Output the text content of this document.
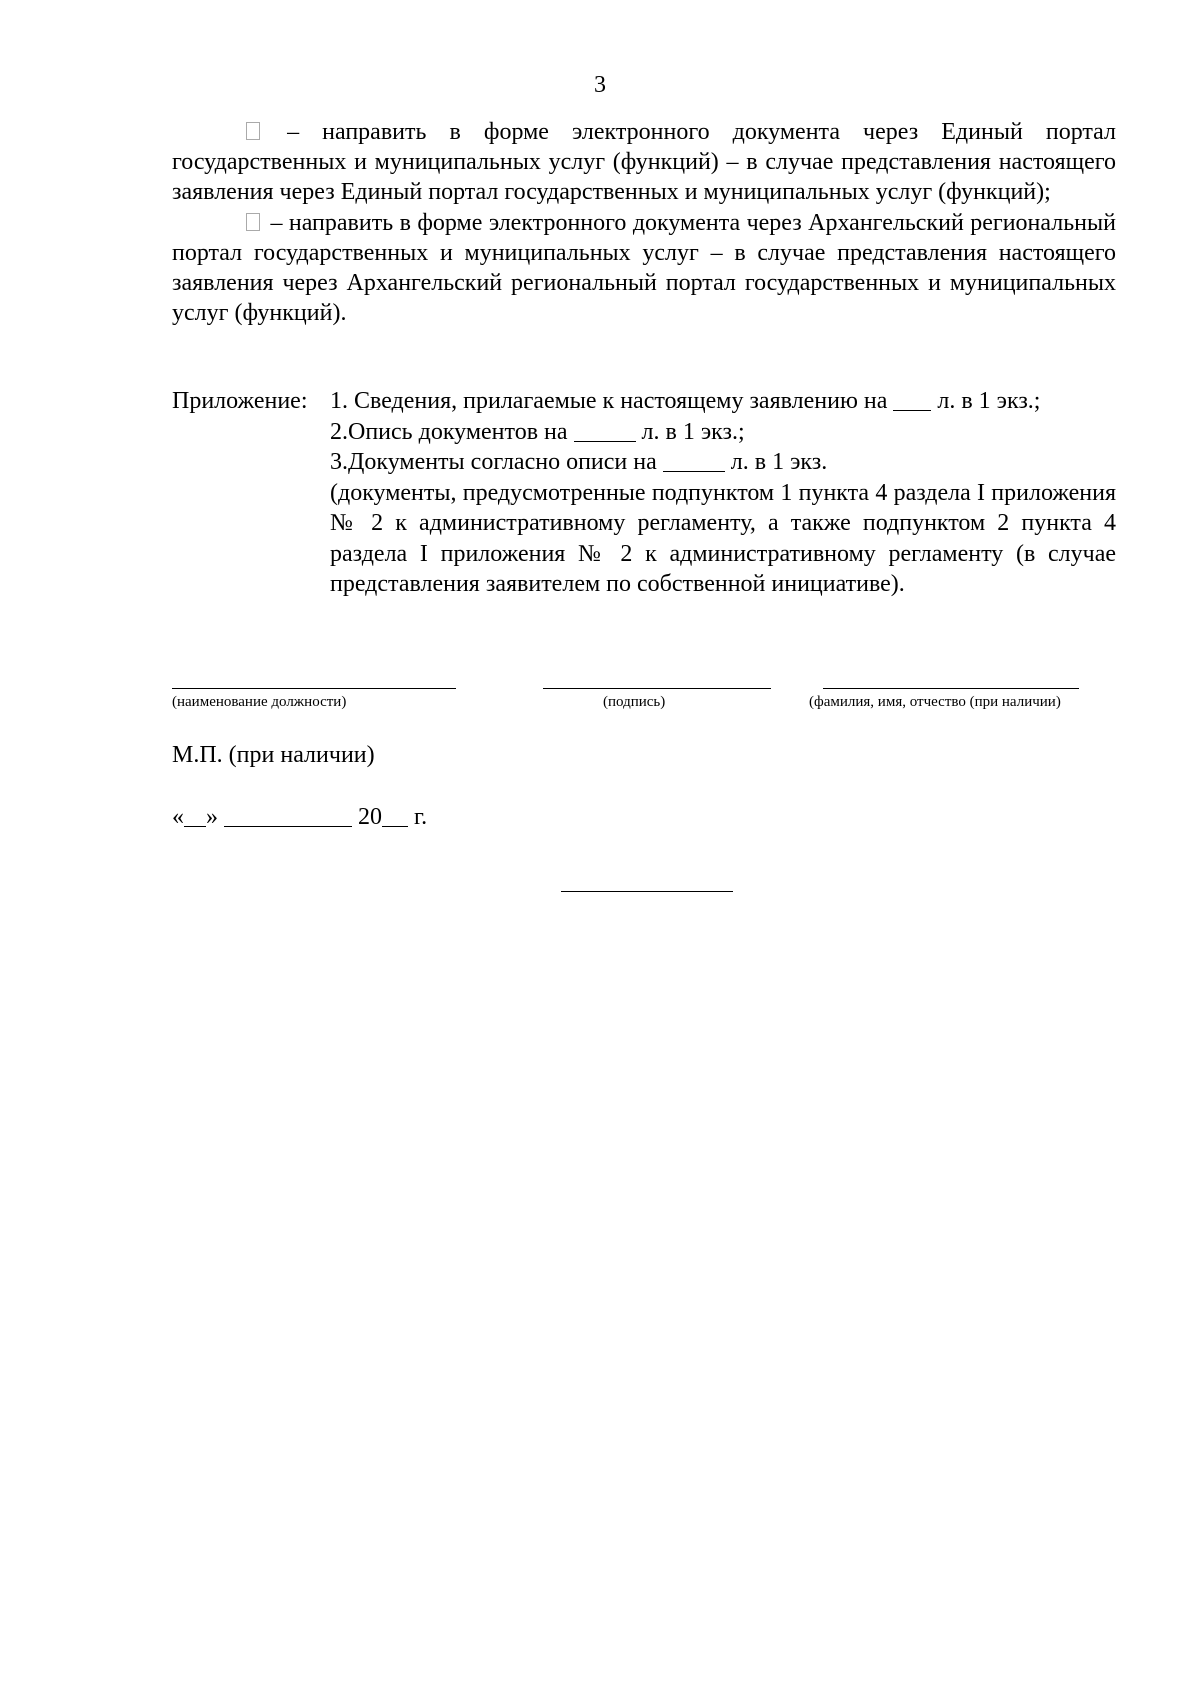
3

– направить в форме электронного документа через Единый портал государственных и муниципальных услуг (функций) – в случае представления настоящего заявления через Единый портал государственных и муниципальных услуг (функций);

– направить в форме электронного документа через Архангельский региональный портал государственных и муниципальных услуг – в случае представления настоящего заявления через Архангельский региональный портал государственных и муниципальных услуг (функций).

Приложение: 1. Сведения, прилагаемые к настоящему заявлению на л. в 1 экз.;
2.Опись документов на	л. в 1 экз.;
3.Документы согласно описи на	л. в 1 экз.

(документы, предусмотренные подпунктом 1 пункта 4 раздела I приложения № 2 к административному регламенту, а также подпунктом 2 пункта 4 раздела I приложения № 2 к административному регламенту (в случае представления заявителем по собственной инициативе).

(наименование должности)	(подпись)	(фамилия, имя, отчество (при наличии)
М.П. (при наличии)
« »	20 г.
